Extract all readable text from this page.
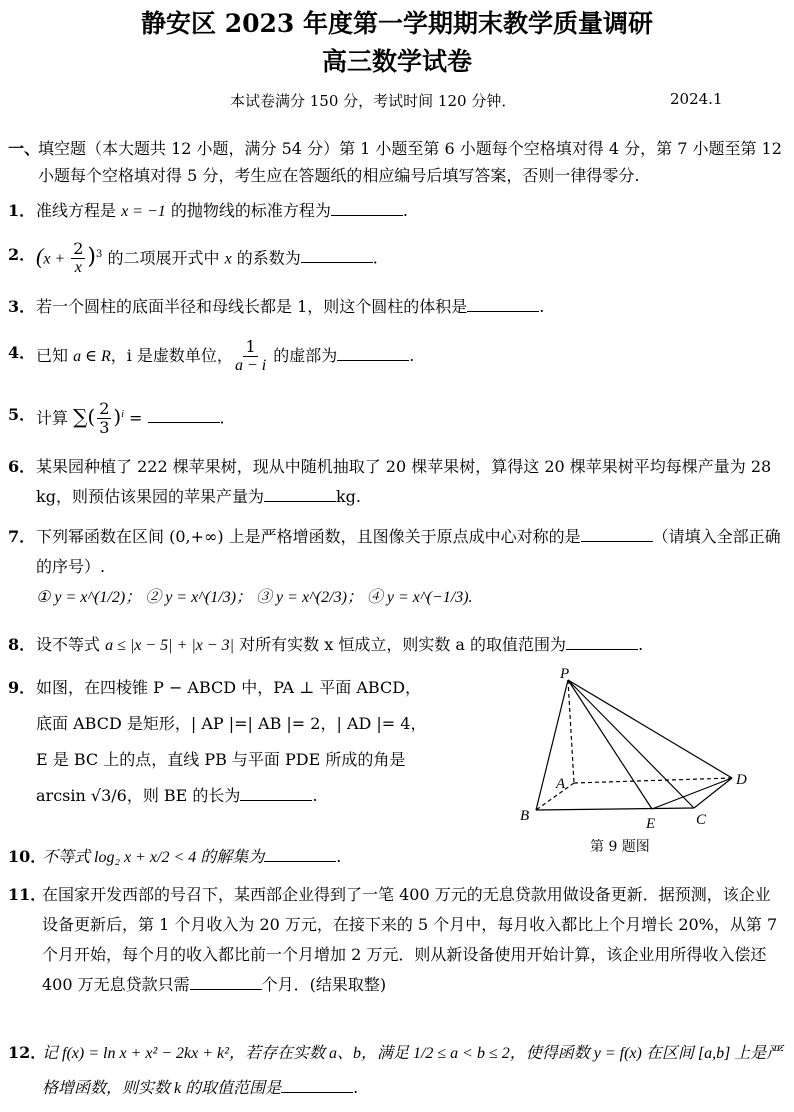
静安区 2023 年度第一学期期末教学质量调研
高三数学试卷
本试卷满分 150 分，考试时间 120 分钟．	2024.1
一、
填空题（本大题共 12 小题，满分 54 分）第 1 小题至第 6 小题每个空格填对得 4 分，第 7 小题至第 12 小题每个空格填对得 5 分，考生应在答题纸的相应编号后填写答案，否则一律得零分.
1． 准线方程是 x = −1 的抛物线的标准方程为	.
2． $(x + \frac{2}{x} )^3$ 的二项展开式中 x 的系数为	.
3． 若一个圆柱的底面半径和母线长都是 1，则这个圆柱的体积是	.
4． 已知 a ∈ R，i 是虚数单位， $\frac{1}{a - i}$ 的虚部为	.
5． 计算 ∑( $\frac{2}{3} )^i$ =	.
6． 某果园种植了 222 棵苹果树，现从中随机抽取了 20 棵苹果树，算得这 20 棵苹果树平均每棵产量为 28 kg，则预估该果园的苹果产量为	kg.
7． 下列幂函数在区间 (0,+∞) 上是严格增函数，且图像关于原点成中心对称的是	（请填入全部正确的序号）.
① y = x^(1/2)； ② y = x^(1/3)； ③ y = x^(2/3)； ④ y = x^(−1/3).
8． 设不等式 a ≤ |x − 5| + |x − 3| 对所有实数 x 恒成立，则实数 a 的取值范围为	.
9． 如图，在四棱锥 P − ABCD 中，PA ⊥ 平面 ABCD，
底面 ABCD 是矩形，| AP |=| AB |= 2，| AD |= 4，
E 是 BC 上的点，直线 PB 与平面 PDE 所成的角是
arcsin √3/6，则 BE 的长为	.
P
A
B	C
D
E
第 9 题图
10．
不等式 log₂ x + x/2 < 4 的解集为	.
11．
在国家开发西部的号召下，某西部企业得到了一笔 400 万元的无息贷款用做设备更新．据预测，该企业设备更新后，第 1 个月收入为 20 万元，在接下来的 5 个月中，每月收入都比上个月增长 20%，从第 7 个月开始，每个月的收入都比前一个月增加 2 万元．则从新设备使用开始计算，该企业用所得收入偿还 400 万无息贷款只需	个月．(结果取整)
12．
记 f(x) = ln x + x² − 2kx + k²，若存在实数 a、b，满足 1/2 ≤ a < b ≤ 2，使得函数 y = f(x) 在区间 [a,b] 上是严格增函数，则实数 k 的取值范围是	.
